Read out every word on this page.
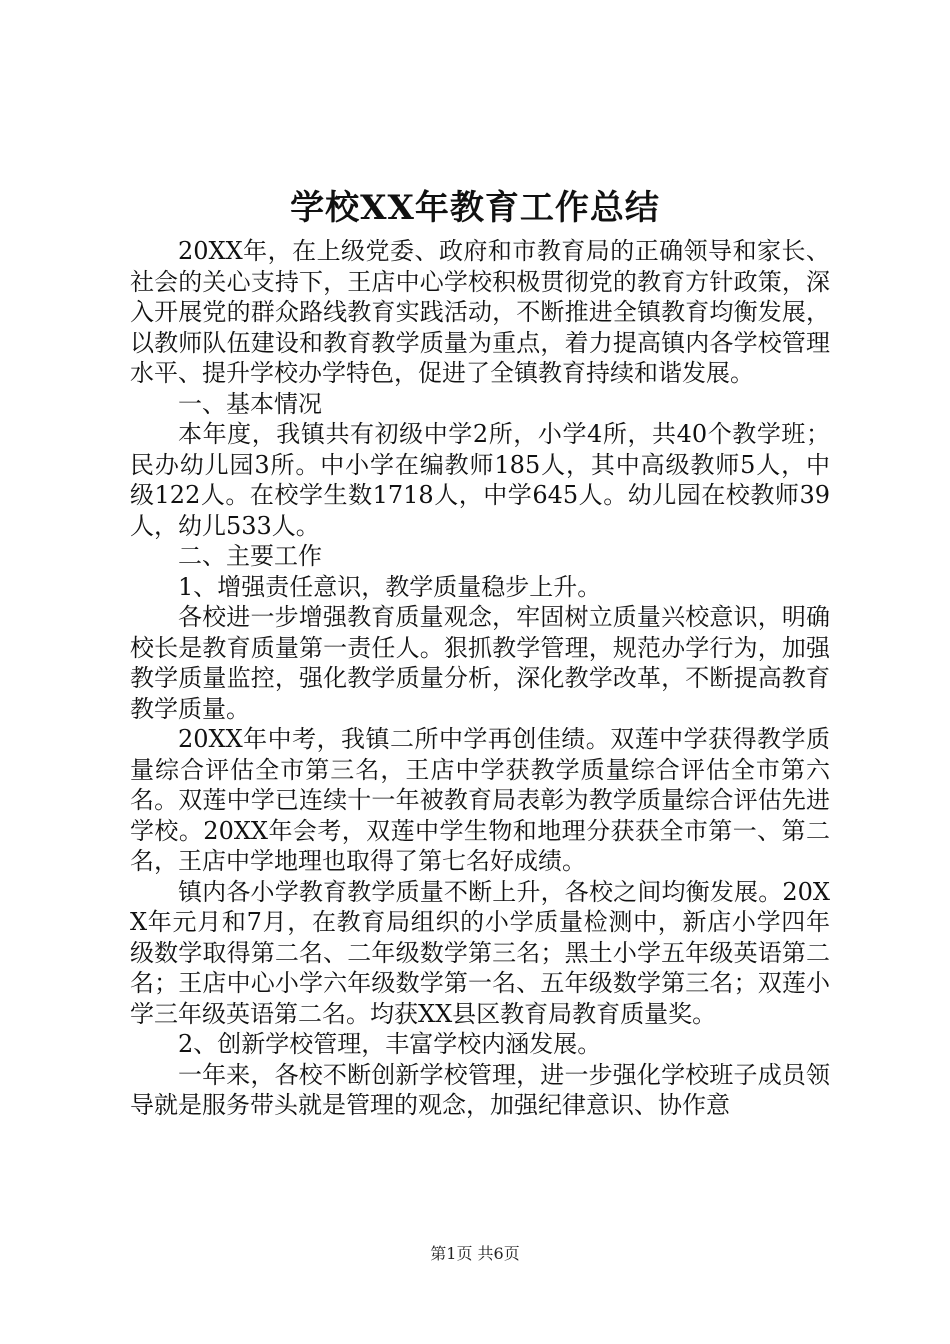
学校XX年教育工作总结

20XX年，在上级党委、政府和市教育局的正确领导和家长、社会的关心支持下，王店中心学校积极贯彻党的教育方针政策，深入开展党的群众路线教育实践活动，不断推进全镇教育均衡发展，以教师队伍建设和教育教学质量为重点，着力提高镇内各学校管理水平、提升学校办学特色，促进了全镇教育持续和谐发展。

一、基本情况

本年度，我镇共有初级中学2所，小学4所，共40个教学班；民办幼儿园3所。中小学在编教师185人，其中高级教师5人，中级122人。在校学生数1718人，中学645人。幼儿园在校教师39人，幼儿533人。

二、主要工作

1、增强责任意识，教学质量稳步上升。

各校进一步增强教育质量观念，牢固树立质量兴校意识，明确校长是教育质量第一责任人。狠抓教学管理，规范办学行为，加强教学质量监控，强化教学质量分析，深化教学改革，不断提高教育教学质量。

20XX年中考，我镇二所中学再创佳绩。双莲中学获得教学质量综合评估全市第三名，王店中学获教学质量综合评估全市第六名。双莲中学已连续十一年被教育局表彰为教学质量综合评估先进学校。20XX年会考，双莲中学生物和地理分获获全市第一、第二名，王店中学地理也取得了第七名好成绩。

镇内各小学教育教学质量不断上升，各校之间均衡发展。20XX年元月和7月，在教育局组织的小学质量检测中，新店小学四年级数学取得第二名、二年级数学第三名；黑土小学五年级英语第二名；王店中心小学六年级数学第一名、五年级数学第三名；双莲小学三年级英语第二名。均获XX县区教育局教育质量奖。

2、创新学校管理，丰富学校内涵发展。

一年来，各校不断创新学校管理，进一步强化学校班子成员领导就是服务带头就是管理的观念，加强纪律意识、协作意

第1页 共6页
